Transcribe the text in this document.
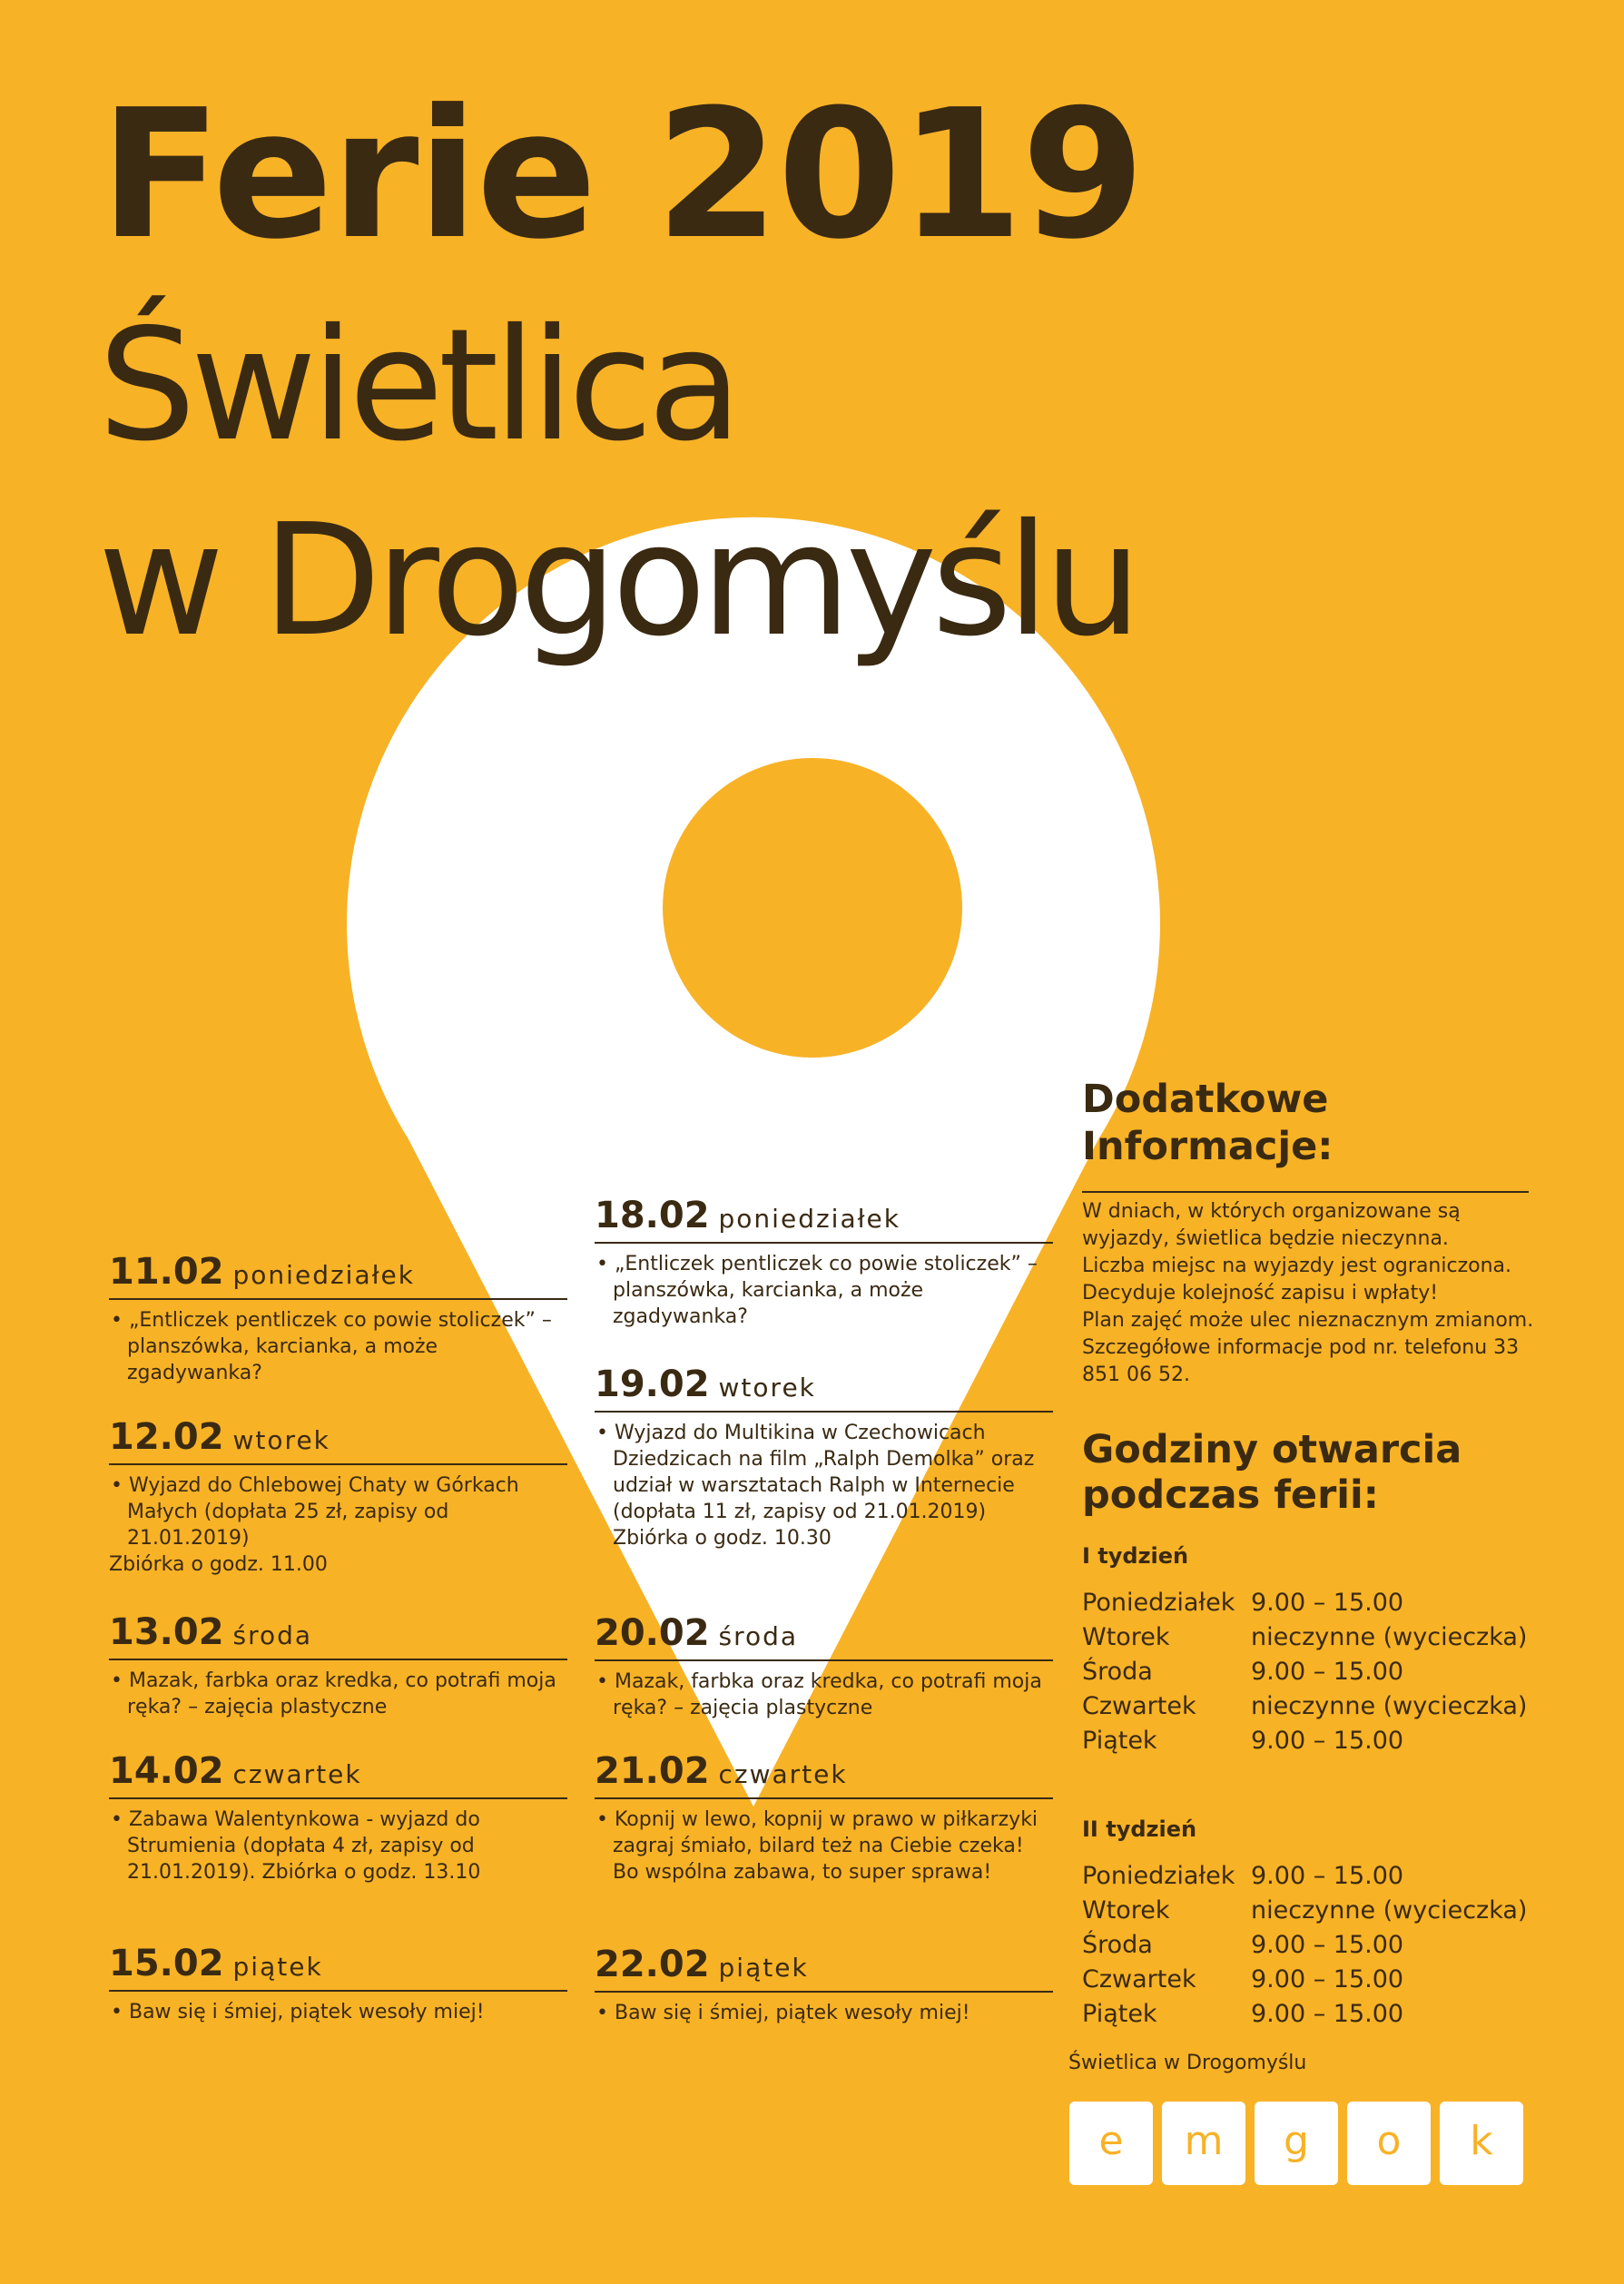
Ferie 2019
Świetlica
w Drogomyślu
11.02 poniedziałek

• „Entliczek pentliczek co powie stoliczek” – planszówka, karcianka, a może zgadywanka?

12.02 wtorek

• Wyjazd do Chlebowej Chaty w Górkach Małych (dopłata 25 zł, zapisy od 21.01.2019)

Zbiórka o godz. 11.00

13.02 środa

• Mazak, farbka oraz kredka, co potrafi moja ręka? – zajęcia plastyczne

14.02 czwartek

• Zabawa Walentynkowa - wyjazd do Strumienia (dopłata 4 zł, zapisy od 21.01.2019). Zbiórka o godz. 13.10

15.02 piątek

• Baw się i śmiej, piątek wesoły miej!

18.02 poniedziałek

• „Entliczek pentliczek co powie stoliczek” – planszówka, karcianka, a może zgadywanka?

19.02 wtorek

• Wyjazd do Multikina w Czechowicach Dziedzicach na film „Ralph Demolka” oraz udział w warsztatach Ralph w Internecie (dopłata 11 zł, zapisy od 21.01.2019) Zbiórka o godz. 10.30

20.02 środa

• Mazak, farbka oraz kredka, co potrafi moja ręka? – zajęcia plastyczne

21.02 czwartek

• Kopnij w lewo, kopnij w prawo w piłkarzyki zagraj śmiało, bilard też na Ciebie czeka! Bo wspólna zabawa, to super sprawa!

22.02 piątek

• Baw się i śmiej, piątek wesoły miej!

Dodatkowe
Informacje:

W dniach, w których organizowane są wyjazdy, świetlica będzie nieczynna.

Liczba miejsc na wyjazdy jest ograniczona.

Decyduje kolejność zapisu i wpłaty!

Plan zajęć może ulec nieznacznym zmianom.

Szczegółowe informacje pod nr. telefonu 33 851 06 52.

Godziny otwarcia
podczas ferii:
I tydzień
Poniedziałek 9.00 – 15.00
Wtorek	nieczynne (wycieczka)
Środa	9.00 – 15.00
Czwartek nieczynne (wycieczka)
Piątek	9.00 – 15.00
II tydzień
Poniedziałek 9.00 – 15.00
Wtorek	nieczynne (wycieczka)
Środa	9.00 – 15.00
Czwartek 9.00 – 15.00
Piątek	9.00 – 15.00
Świetlica w Drogomyślu
e	m	g	o	k
